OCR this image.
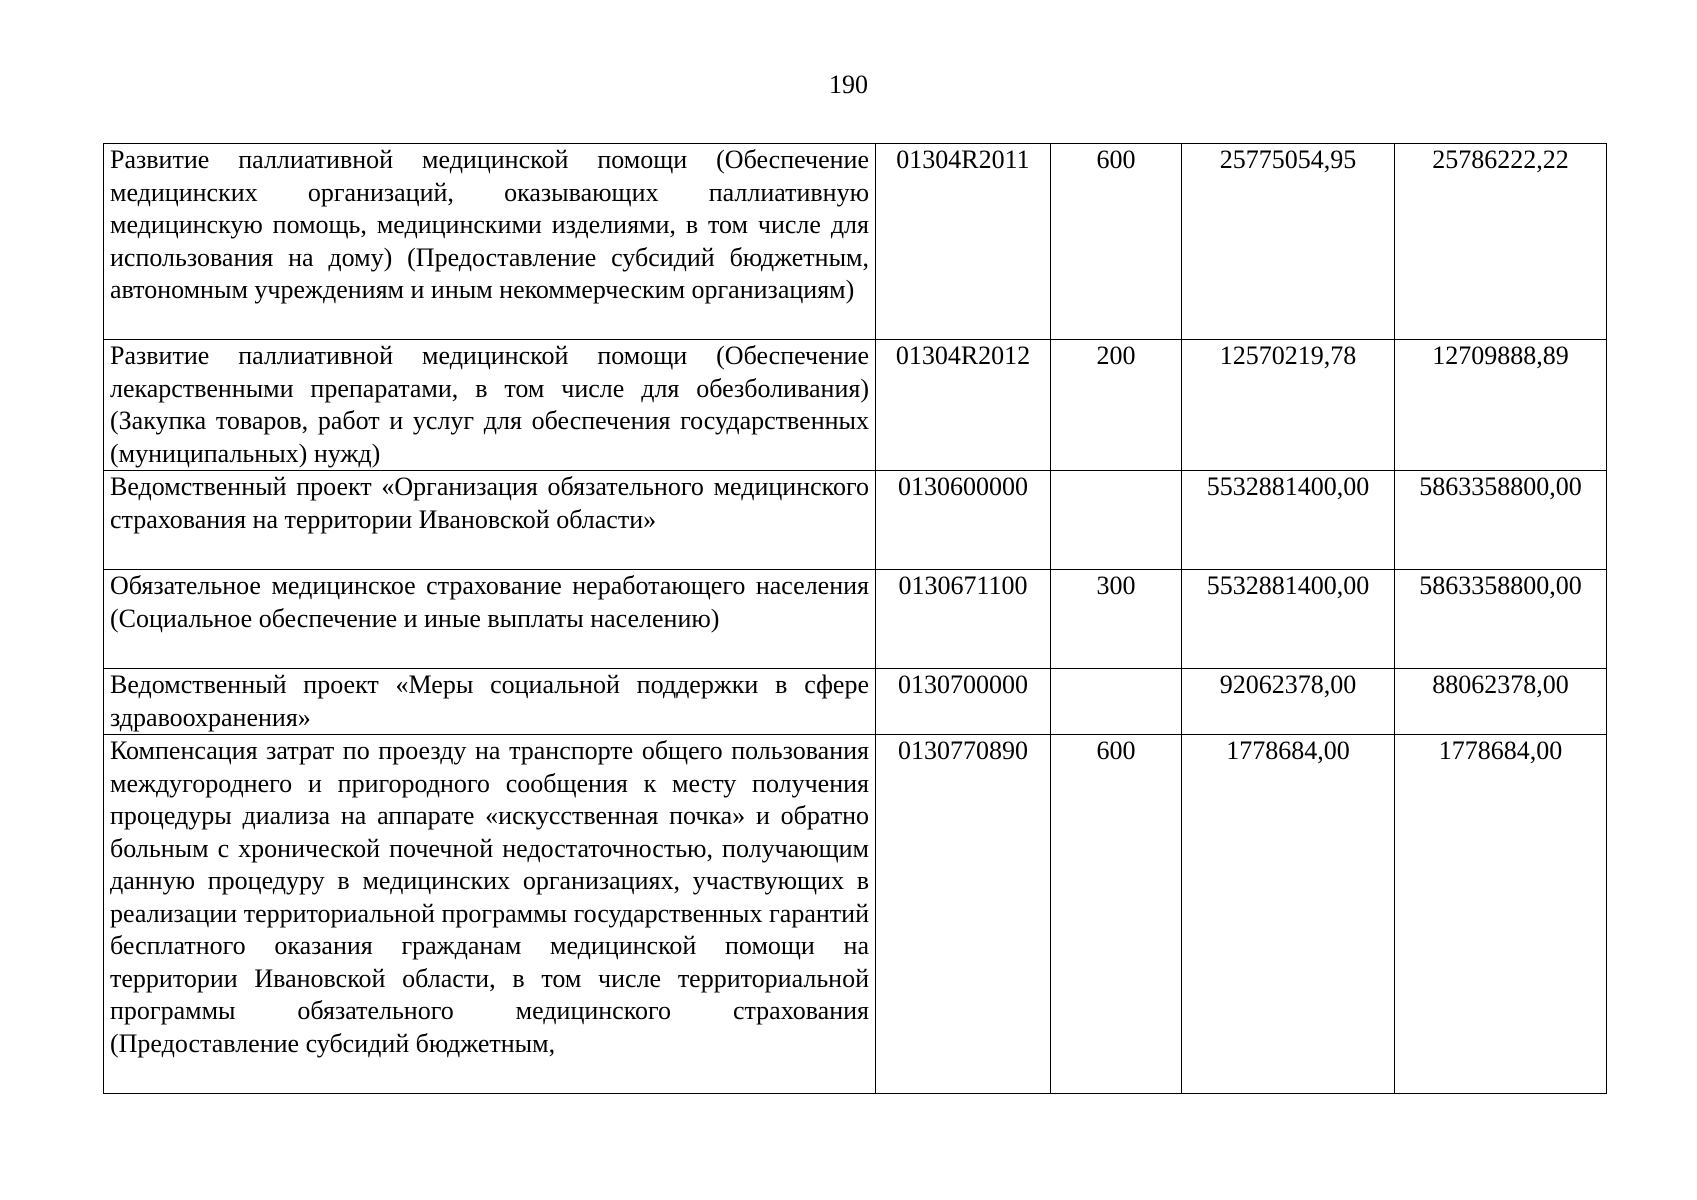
190
Развитие паллиативной медицинской помощи (Обеспечение медицинских организаций, оказывающих паллиативную медицинскую помощь, медицинскими изделиями, в том числе для использования на дому) (Предоставление субсидий бюджетным, автономным учреждениям и иным некоммерческим организациям)	01304R2011	600	25775054,95	25786222,22
Развитие паллиативной медицинской помощи (Обеспечение лекарственными препаратами, в том числе для обезболивания) (Закупка товаров, работ и услуг для обеспечения государственных (муниципальных) нужд)	01304R2012	200	12570219,78	12709888,89
Ведомственный проект «Организация обязательного медицинского страхования на территории Ивановской области»	0130600000		5532881400,00	5863358800,00
Обязательное медицинское страхование неработающего населения (Социальное обеспечение и иные выплаты населению)	0130671100	300	5532881400,00	5863358800,00
Ведомственный проект «Меры социальной поддержки в сфере здравоохранения»	0130700000		92062378,00	88062378,00
Компенсация затрат по проезду на транспорте общего пользования междугороднего и пригородного сообщения к месту получения процедуры диализа на аппарате «искусственная почка» и обратно больным с хронической почечной недостаточностью, получающим данную процедуру в медицинских организациях, участвующих в реализации территориальной программы государственных гарантий бесплатного оказания гражданам медицинской помощи на территории Ивановской области, в том числе территориальной программы обязательного медицинского страхования (Предоставление субсидий бюджетным,	0130770890	600	1778684,00	1778684,00
